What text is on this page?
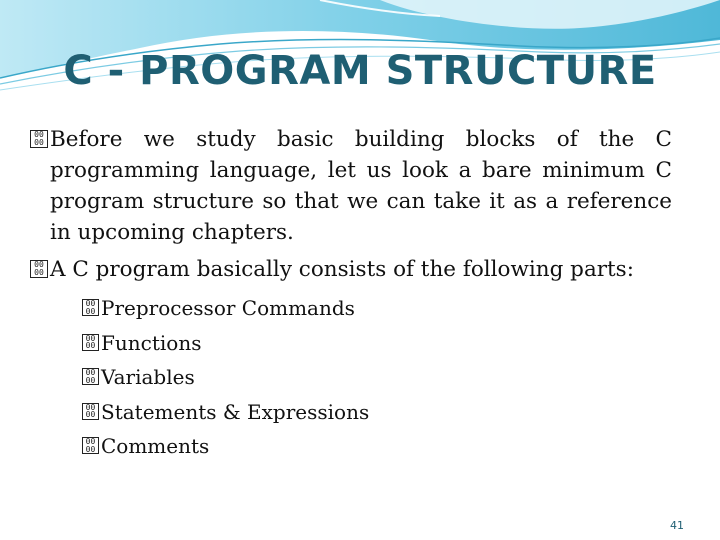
C - PROGRAM STRUCTURE
00
00 Before we study basic building blocks of the C programming language, let us look a bare minimum C program structure so that we can take it as a reference in upcoming chapters.
00
00 A C program basically consists of the following parts:
00
00 Preprocessor Commands
00
00 Functions
00
00 Variables
00
00 Statements & Expressions
00
00 Comments
41
